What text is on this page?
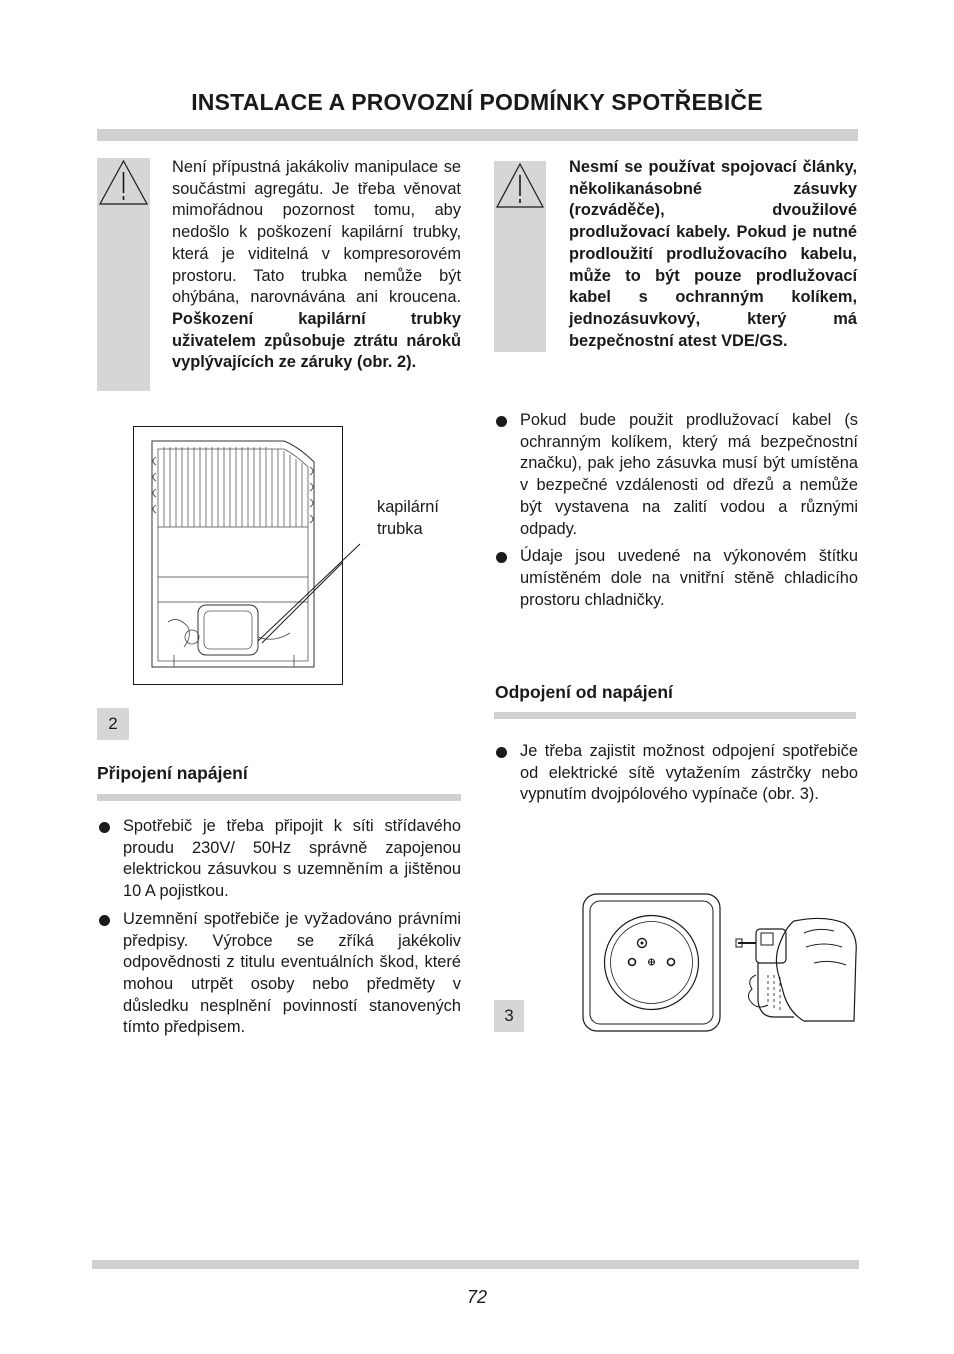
INSTALACE A PROVOZNÍ PODMÍNKY SPOTŘEBIČE
Není přípustná jakákoliv manipulace se součástmi agregátu. Je třeba věnovat mimořádnou pozornost tomu, aby nedošlo k poškození kapilární trubky, která je viditelná v kompresorovém prostoru. Tato trubka nemůže být ohýbána, narovnávána ani kroucena. Poškození kapilární trubky uživatelem způsobuje ztrátu nároků vyplývajících ze záruky (obr. 2).
kapilární
trubka
2
Připojení napájení
Spotřebič je třeba připojit k síti střídavého proudu 230V/ 50Hz správně zapojenou elektrickou zásuvkou s uzemněním a jištěnou 10 A pojistkou.
Uzemnění spotřebiče je vyžadováno právními předpisy. Výrobce se zříká jakékoliv odpovědnosti z titulu eventuálních škod, které mohou utrpět osoby nebo předměty v důsledku nesplnění povinností stanovených tímto předpisem.
Nesmí se používat spojovací články, několikanásobné zásuvky (rozváděče), dvoužilové prodlužovací kabely. Pokud je nutné prodloužití prodlužovacího kabelu, může to být pouze prodlužovací kabel s ochranným kolíkem, jednozásuvkový, který má bezpečnostní atest VDE/GS.
Pokud bude použit prodlužovací kabel (s ochranným kolíkem, který má bezpečnostní značku), pak jeho zásuvka musí být umístěna v bezpečné vzdálenosti od dřezů a nemůže být vystavena na zalití vodou a různými odpady.
Údaje jsou uvedené na výkonovém štítku umístěném dole na vnitřní stěně chladicího prostoru chladničky.
Odpojení od napájení
Je třeba zajistit možnost odpojení spotřebiče od elektrické sítě vytažením zástrčky nebo vypnutím dvojpólového vypínače (obr. 3).
3
72
